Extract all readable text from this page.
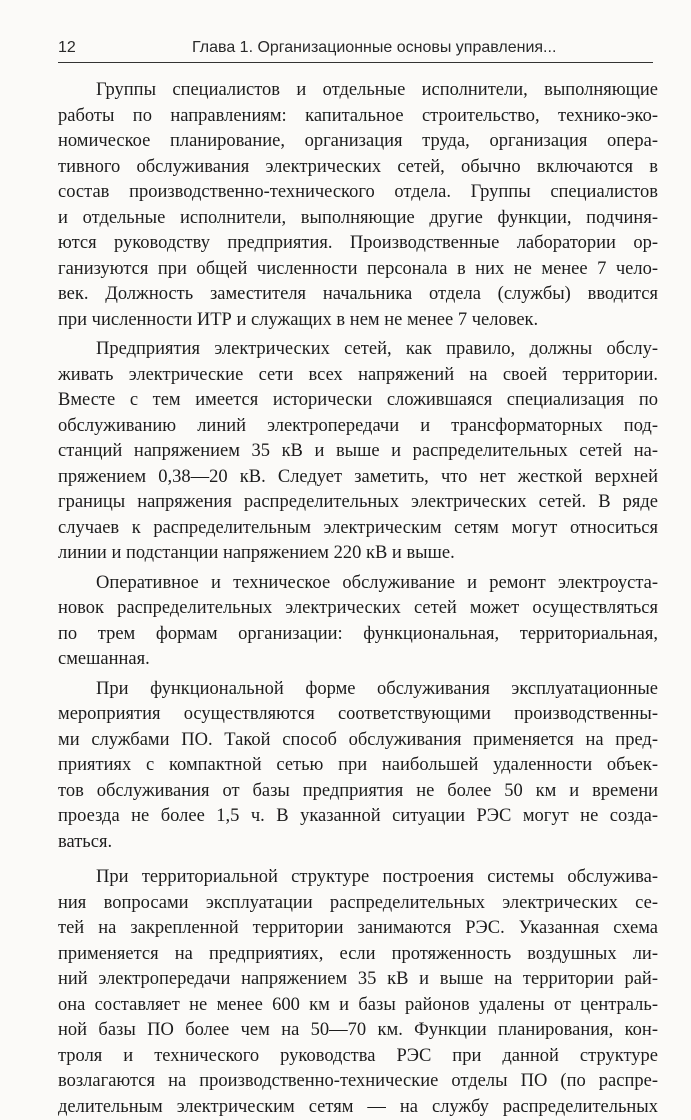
12	Глава 1. Организационные основы управления...
Группы специалистов и отдельные исполнители, выполняющие
работы по направлениям: капитальное строительство, технико-эко-
номическое планирование, организация труда, организация опера-
тивного обслуживания электрических сетей, обычно включаются в
состав производственно-технического отдела. Группы специалистов
и отдельные исполнители, выполняющие другие функции, подчиня-
ются руководству предприятия. Производственные лаборатории ор-
ганизуются при общей численности персонала в них не менее 7 чело-
век. Должность заместителя начальника отдела (службы) вводится
при численности ИТР и служащих в нем не менее 7 человек.
Предприятия электрических сетей, как правило, должны обслу-
живать электрические сети всех напряжений на своей территории.
Вместе с тем имеется исторически сложившаяся специализация по
обслуживанию линий электропередачи и трансформаторных под-
станций напряжением 35 кВ и выше и распределительных сетей на-
пряжением 0,38—20 кВ. Следует заметить, что нет жесткой верхней
границы напряжения распределительных электрических сетей. В ряде
случаев к распределительным электрическим сетям могут относиться
линии и подстанции напряжением 220 кВ и выше.
Оперативное и техническое обслуживание и ремонт электроуста-
новок распределительных электрических сетей может осуществляться
по трем формам организации: функциональная, территориальная,
смешанная.
При функциональной форме обслуживания эксплуатационные
мероприятия осуществляются соответствующими производственны-
ми службами ПО. Такой способ обслуживания применяется на пред-
приятиях с компактной сетью при наибольшей удаленности объек-
тов обслуживания от базы предприятия не более 50 км и времени
проезда не более 1,5 ч. В указанной ситуации РЭС могут не созда-
ваться.
При территориальной структуре построения системы обслужива-
ния вопросами эксплуатации распределительных электрических се-
тей на закрепленной территории занимаются РЭС. Указанная схема
применяется на предприятиях, если протяженность воздушных ли-
ний электропередачи напряжением 35 кВ и выше на территории рай-
она составляет не менее 600 км и базы районов удалены от централь-
ной базы ПО более чем на 50—70 км. Функции планирования, кон-
троля и технического руководства РЭС при данной структуре
возлагаются на производственно-технические отделы ПО (по распре-
делительным электрическим сетям — на службу распределительных
